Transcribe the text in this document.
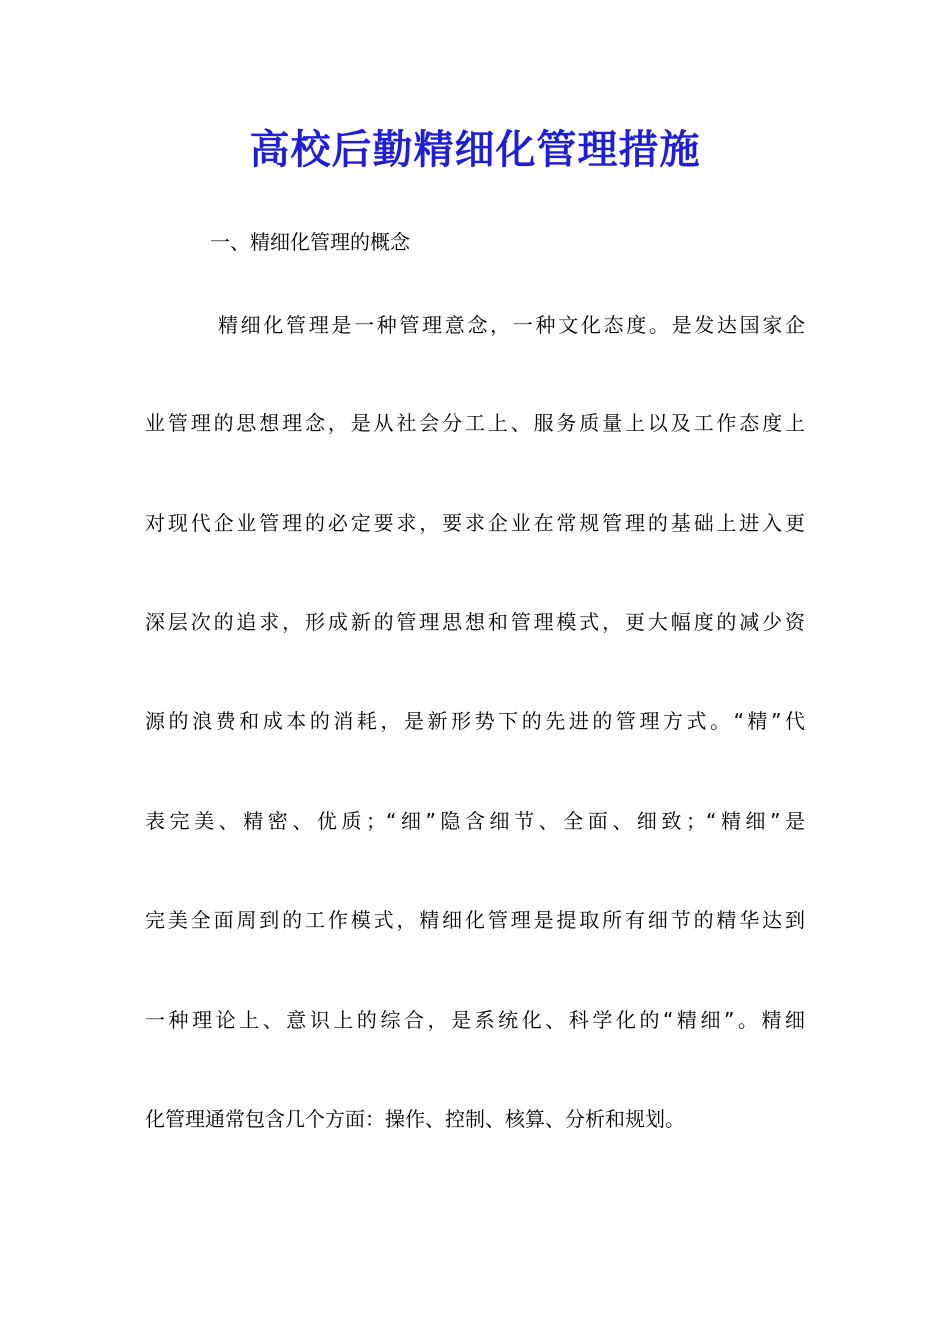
高校后勤精细化管理措施
一、精细化管理的概念
精细化管理是一种管理意念，一种文化态度。是发达国家企
业管理的思想理念，是从社会分工上、服务质量上以及工作态度上
对现代企业管理的必定要求，要求企业在常规管理的基础上进入更
深层次的追求，形成新的管理思想和管理模式，更大幅度的减少资
源的浪费和成本的消耗，是新形势下的先进的管理方式。“精”代
表完美、精密、优质；“细”隐含细节、全面、细致；“精细”是
完美全面周到的工作模式，精细化管理是提取所有细节的精华达到
一种理论上、意识上的综合，是系统化、科学化的“精细”。精细
化管理通常包含几个方面：操作、控制、核算、分析和规划。
